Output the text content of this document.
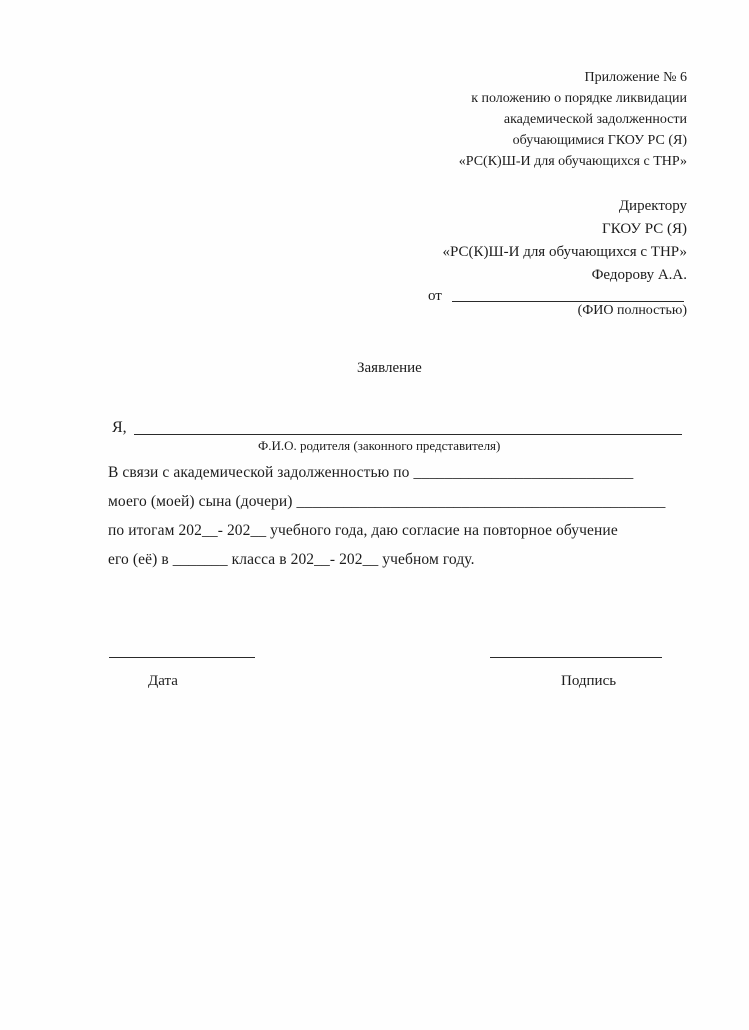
Приложение № 6
к положению о порядке ликвидации
академической задолженности
обучающимися ГКОУ РС (Я)
«РС(К)Ш-И для обучающихся с ТНР»
Директору
ГКОУ РС (Я)
«РС(К)Ш-И для обучающихся с ТНР»
Федорову А.А.
от
(ФИО полностью)
Заявление
Я,
Ф.И.О. родителя (законного представителя)
В связи с академической задолженностью по ____________________________
моего (моей) сына (дочери) _______________________________________________
по итогам 202__- 202__ учебного года, даю согласие на повторное обучение
его (её) в _______ класса в 202__- 202__ учебном году.
Дата	Подпись
